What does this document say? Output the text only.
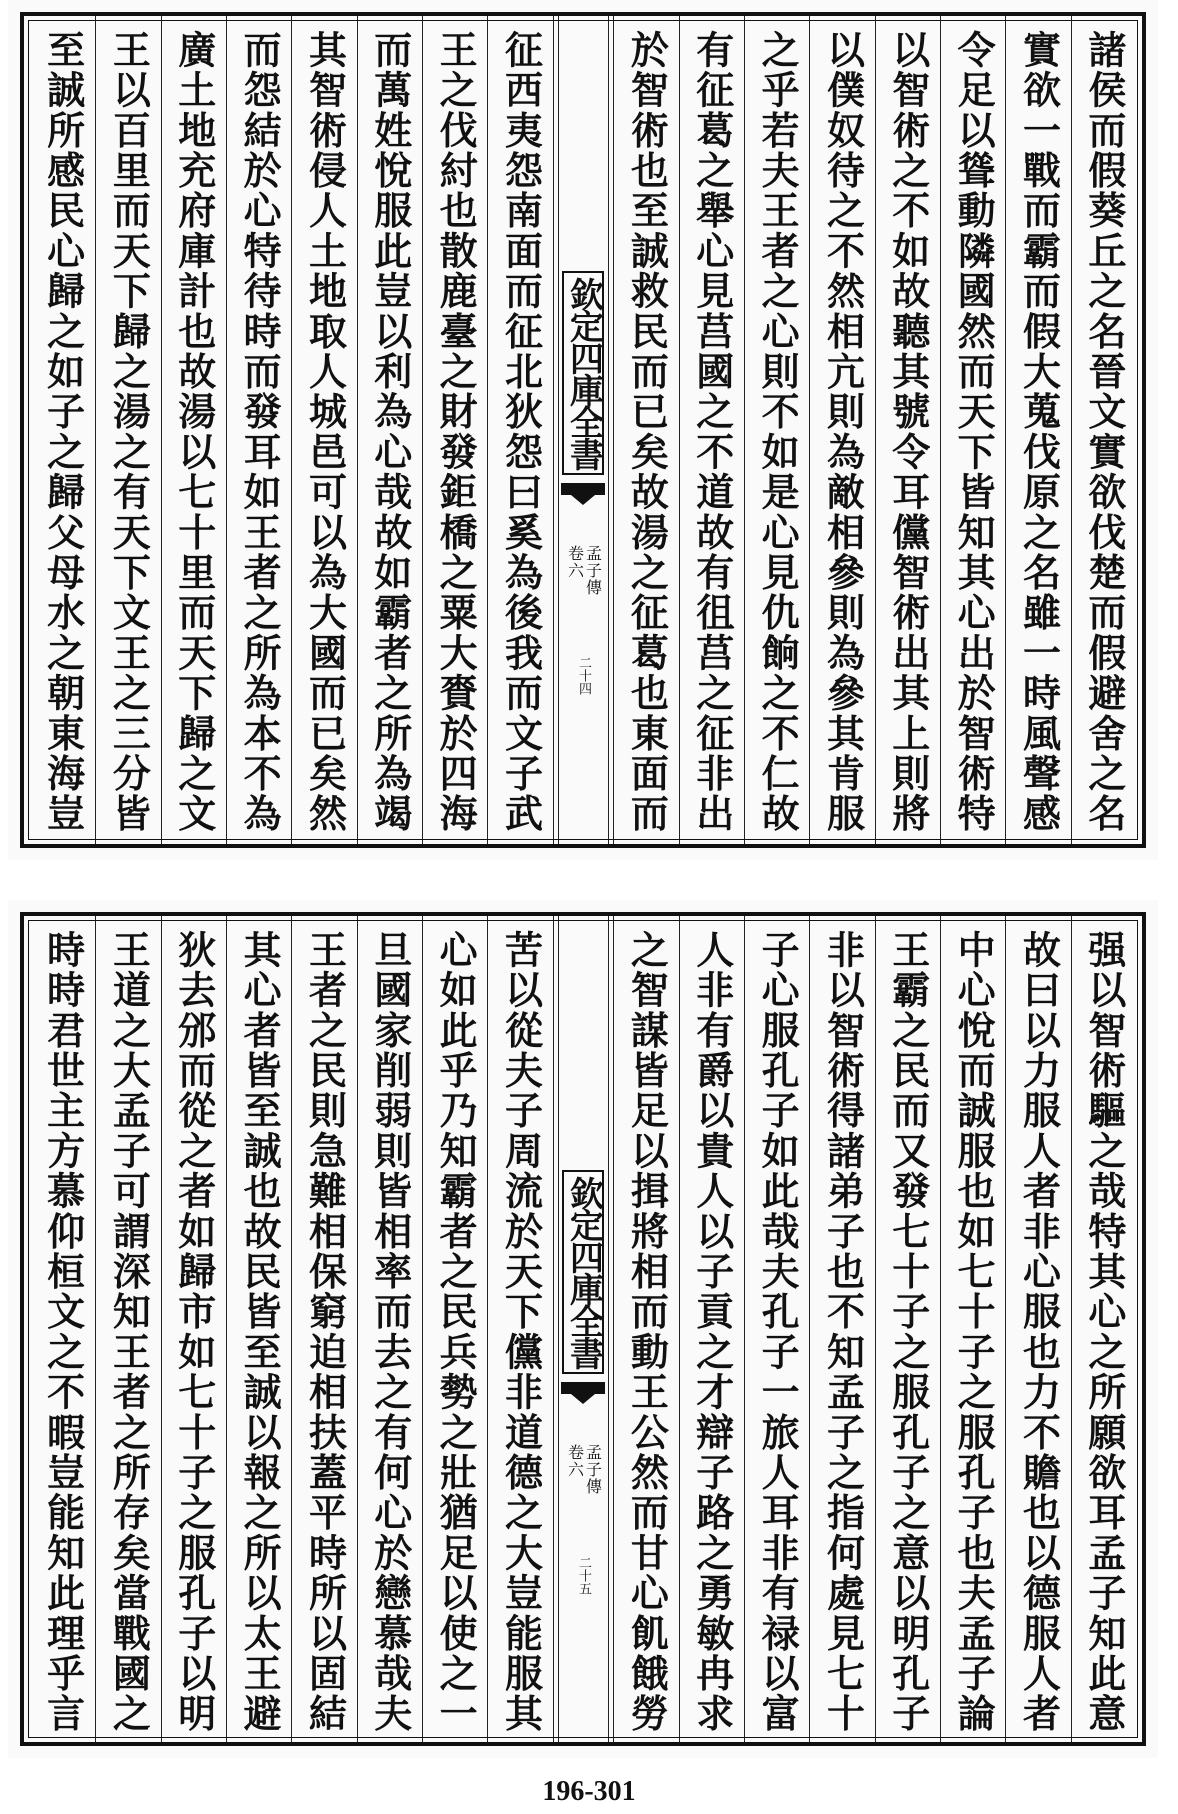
諸侯而假葵丘之名晉文實欲伐楚而假避舍之名
實欲一戰而霸而假大蒐伐原之名雖一時風聲感
令足以聳動隣國然而天下皆知其心出於智術特
以智術之不如故聽其號令耳儻智術出其上則將
以僕奴待之不然相亢則為敵相參則為參其肯服
之乎若夫王者之心則不如是心見仇餉之不仁故
有征葛之舉心見莒國之不道故有徂莒之征非出
於智術也至誠救民而已矣故湯之征葛也東面而
欽定四庫全書
孟子傳
卷六
二十四
征西夷怨南面而征北狄怨曰奚為後我而文子武
王之伐紂也散鹿臺之財發鉅橋之粟大賚於四海
而萬姓悅服此豈以利為心哉故如霸者之所為竭
其智術侵人土地取人城邑可以為大國而已矣然
而怨結於心特待時而發耳如王者之所為本不為
廣土地充府庫計也故湯以七十里而天下歸之文
王以百里而天下歸之湯之有天下文王之三分皆
至誠所感民心歸之如子之歸父母水之朝東海豈
强以智術驅之哉特其心之所願欲耳孟子知此意
故曰以力服人者非心服也力不贍也以德服人者
中心悅而誠服也如七十子之服孔子也夫孟子論
王霸之民而又發七十子之服孔子之意以明孔子
非以智術得諸弟子也不知孟子之指何處見七十
子心服孔子如此哉夫孔子一旅人耳非有禄以富
人非有爵以貴人以子貢之才辯子路之勇敏冉求
之智謀皆足以揖將相而動王公然而甘心飢餓勞
欽定四庫全書
孟子傳
卷六
二十五
苦以從夫子周流於天下儻非道德之大豈能服其
心如此乎乃知霸者之民兵勢之壯猶足以使之一
旦國家削弱則皆相率而去之有何心於戀慕哉夫
王者之民則急難相保窮迫相扶蓋平時所以固結
其心者皆至誠也故民皆至誠以報之所以太王避
狄去邠而從之者如歸市如七十子之服孔子以明
王道之大孟子可謂深知王者之所存矣當戰國之
時時君世主方慕仰桓文之不暇豈能知此理乎言
196-301
